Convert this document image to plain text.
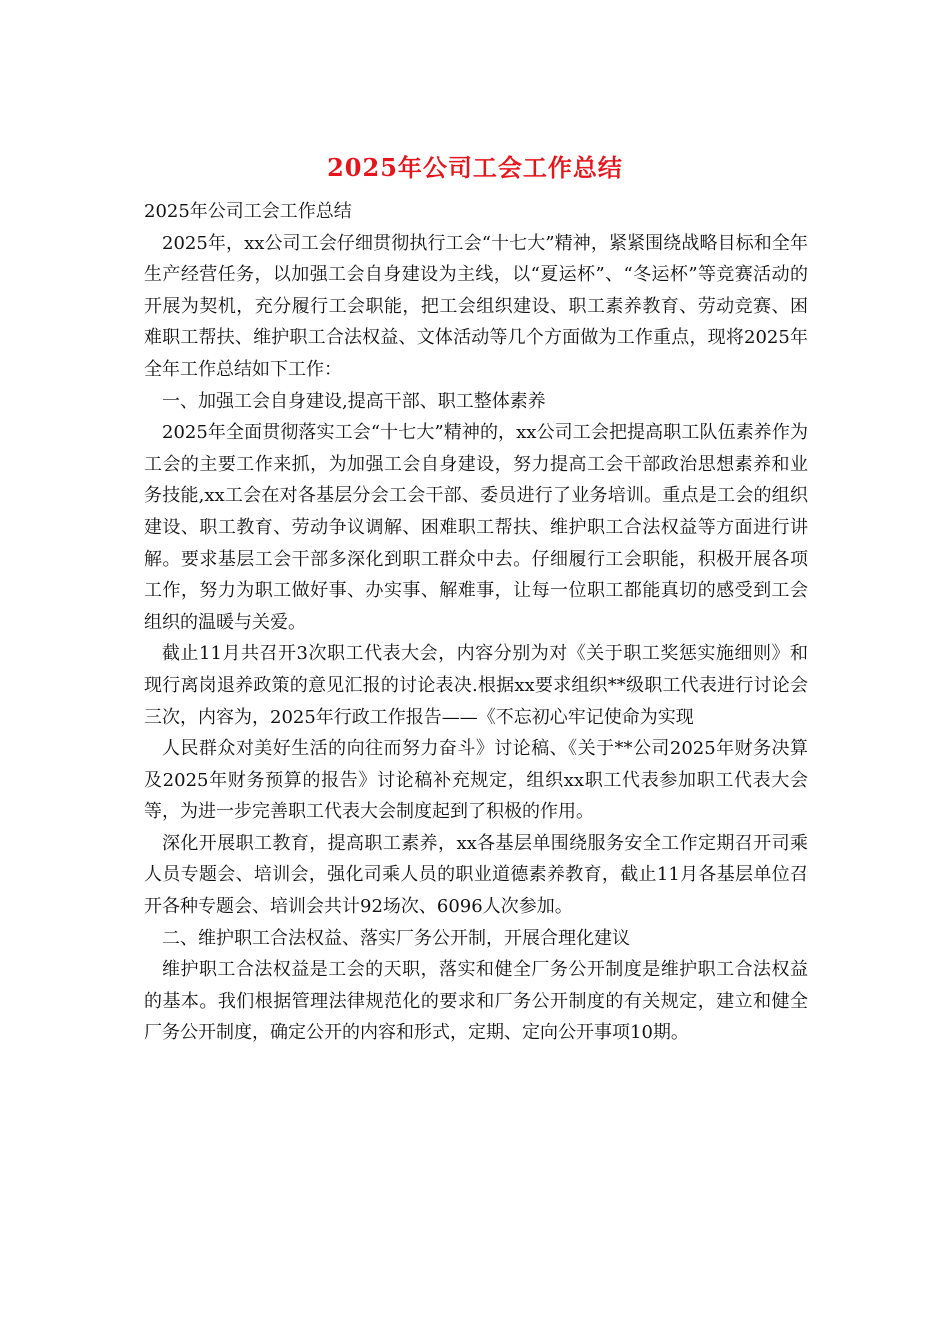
2025年公司工会工作总结

2025年公司工会工作总结

2025年，xx公司工会仔细贯彻执行工会“十七大”精神，紧紧围绕战略目标和全年生产经营任务，以加强工会自身建设为主线，以“夏运杯”、“冬运杯”等竞赛活动的开展为契机，充分履行工会职能，把工会组织建设、职工素养教育、劳动竞赛、困难职工帮扶、维护职工合法权益、文体活动等几个方面做为工作重点，现将2025年全年工作总结如下工作：

一、加强工会自身建设,提高干部、职工整体素养

2025年全面贯彻落实工会“十七大”精神的，xx公司工会把提高职工队伍素养作为工会的主要工作来抓，为加强工会自身建设，努力提高工会干部政治思想素养和业务技能,xx工会在对各基层分会工会干部、委员进行了业务培训。重点是工会的组织建设、职工教育、劳动争议调解、困难职工帮扶、维护职工合法权益等方面进行讲解。要求基层工会干部多深化到职工群众中去。仔细履行工会职能，积极开展各项工作，努力为职工做好事、办实事、解难事，让每一位职工都能真切的感受到工会组织的温暖与关爱。

截止11月共召开3次职工代表大会，内容分别为对《关于职工奖惩实施细则》和现行离岗退养政策的意见汇报的讨论表决.根据xx要求组织**级职工代表进行讨论会三次，内容为，2025年行政工作报告——《不忘初心牢记使命为实现

人民群众对美好生活的向往而努力奋斗》讨论稿、《关于**公司2025年财务决算及2025年财务预算的报告》讨论稿补充规定，组织xx职工代表参加职工代表大会等，为进一步完善职工代表大会制度起到了积极的作用。

深化开展职工教育，提高职工素养，xx各基层单围绕服务安全工作定期召开司乘人员专题会、培训会，强化司乘人员的职业道德素养教育，截止11月各基层单位召开各种专题会、培训会共计92场次、6096人次参加。

二、维护职工合法权益、落实厂务公开制，开展合理化建议

维护职工合法权益是工会的天职，落实和健全厂务公开制度是维护职工合法权益的基本。我们根据管理法律规范化的要求和厂务公开制度的有关规定，建立和健全厂务公开制度，确定公开的内容和形式，定期、定向公开事项10期。
